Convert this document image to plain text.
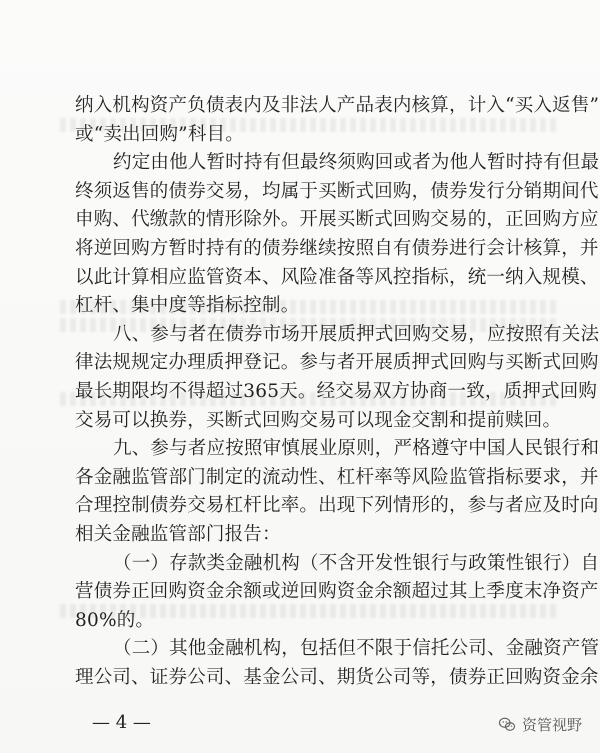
纳入机构资产负债表内及非法人产品表内核算，计入“买入返售”
或“卖出回购”科目。
约定由他人暂时持有但最终须购回或者为他人暂时持有但最
终须返售的债券交易，均属于买断式回购，债券发行分销期间代
申购、代缴款的情形除外。开展买断式回购交易的，正回购方应
将逆回购方暂时持有的债券继续按照自有债券进行会计核算，并
以此计算相应监管资本、风险准备等风控指标，统一纳入规模、
杠杆、集中度等指标控制。
八、参与者在债券市场开展质押式回购交易，应按照有关法
律法规规定办理质押登记。参与者开展质押式回购与买断式回购
最长期限均不得超过365天。经交易双方协商一致，质押式回购
交易可以换券，买断式回购交易可以现金交割和提前赎回。
九、参与者应按照审慎展业原则，严格遵守中国人民银行和
各金融监管部门制定的流动性、杠杆率等风险监管指标要求，并
合理控制债券交易杠杆比率。出现下列情形的，参与者应及时向
相关金融监管部门报告：
（一）存款类金融机构（不含开发性银行与政策性银行）自
营债券正回购资金余额或逆回购资金余额超过其上季度末净资产
80%的。
（二）其他金融机构，包括但不限于信托公司、金融资产管
理公司、证券公司、基金公司、期货公司等，债券正回购资金余
资管视野
— 4 —
